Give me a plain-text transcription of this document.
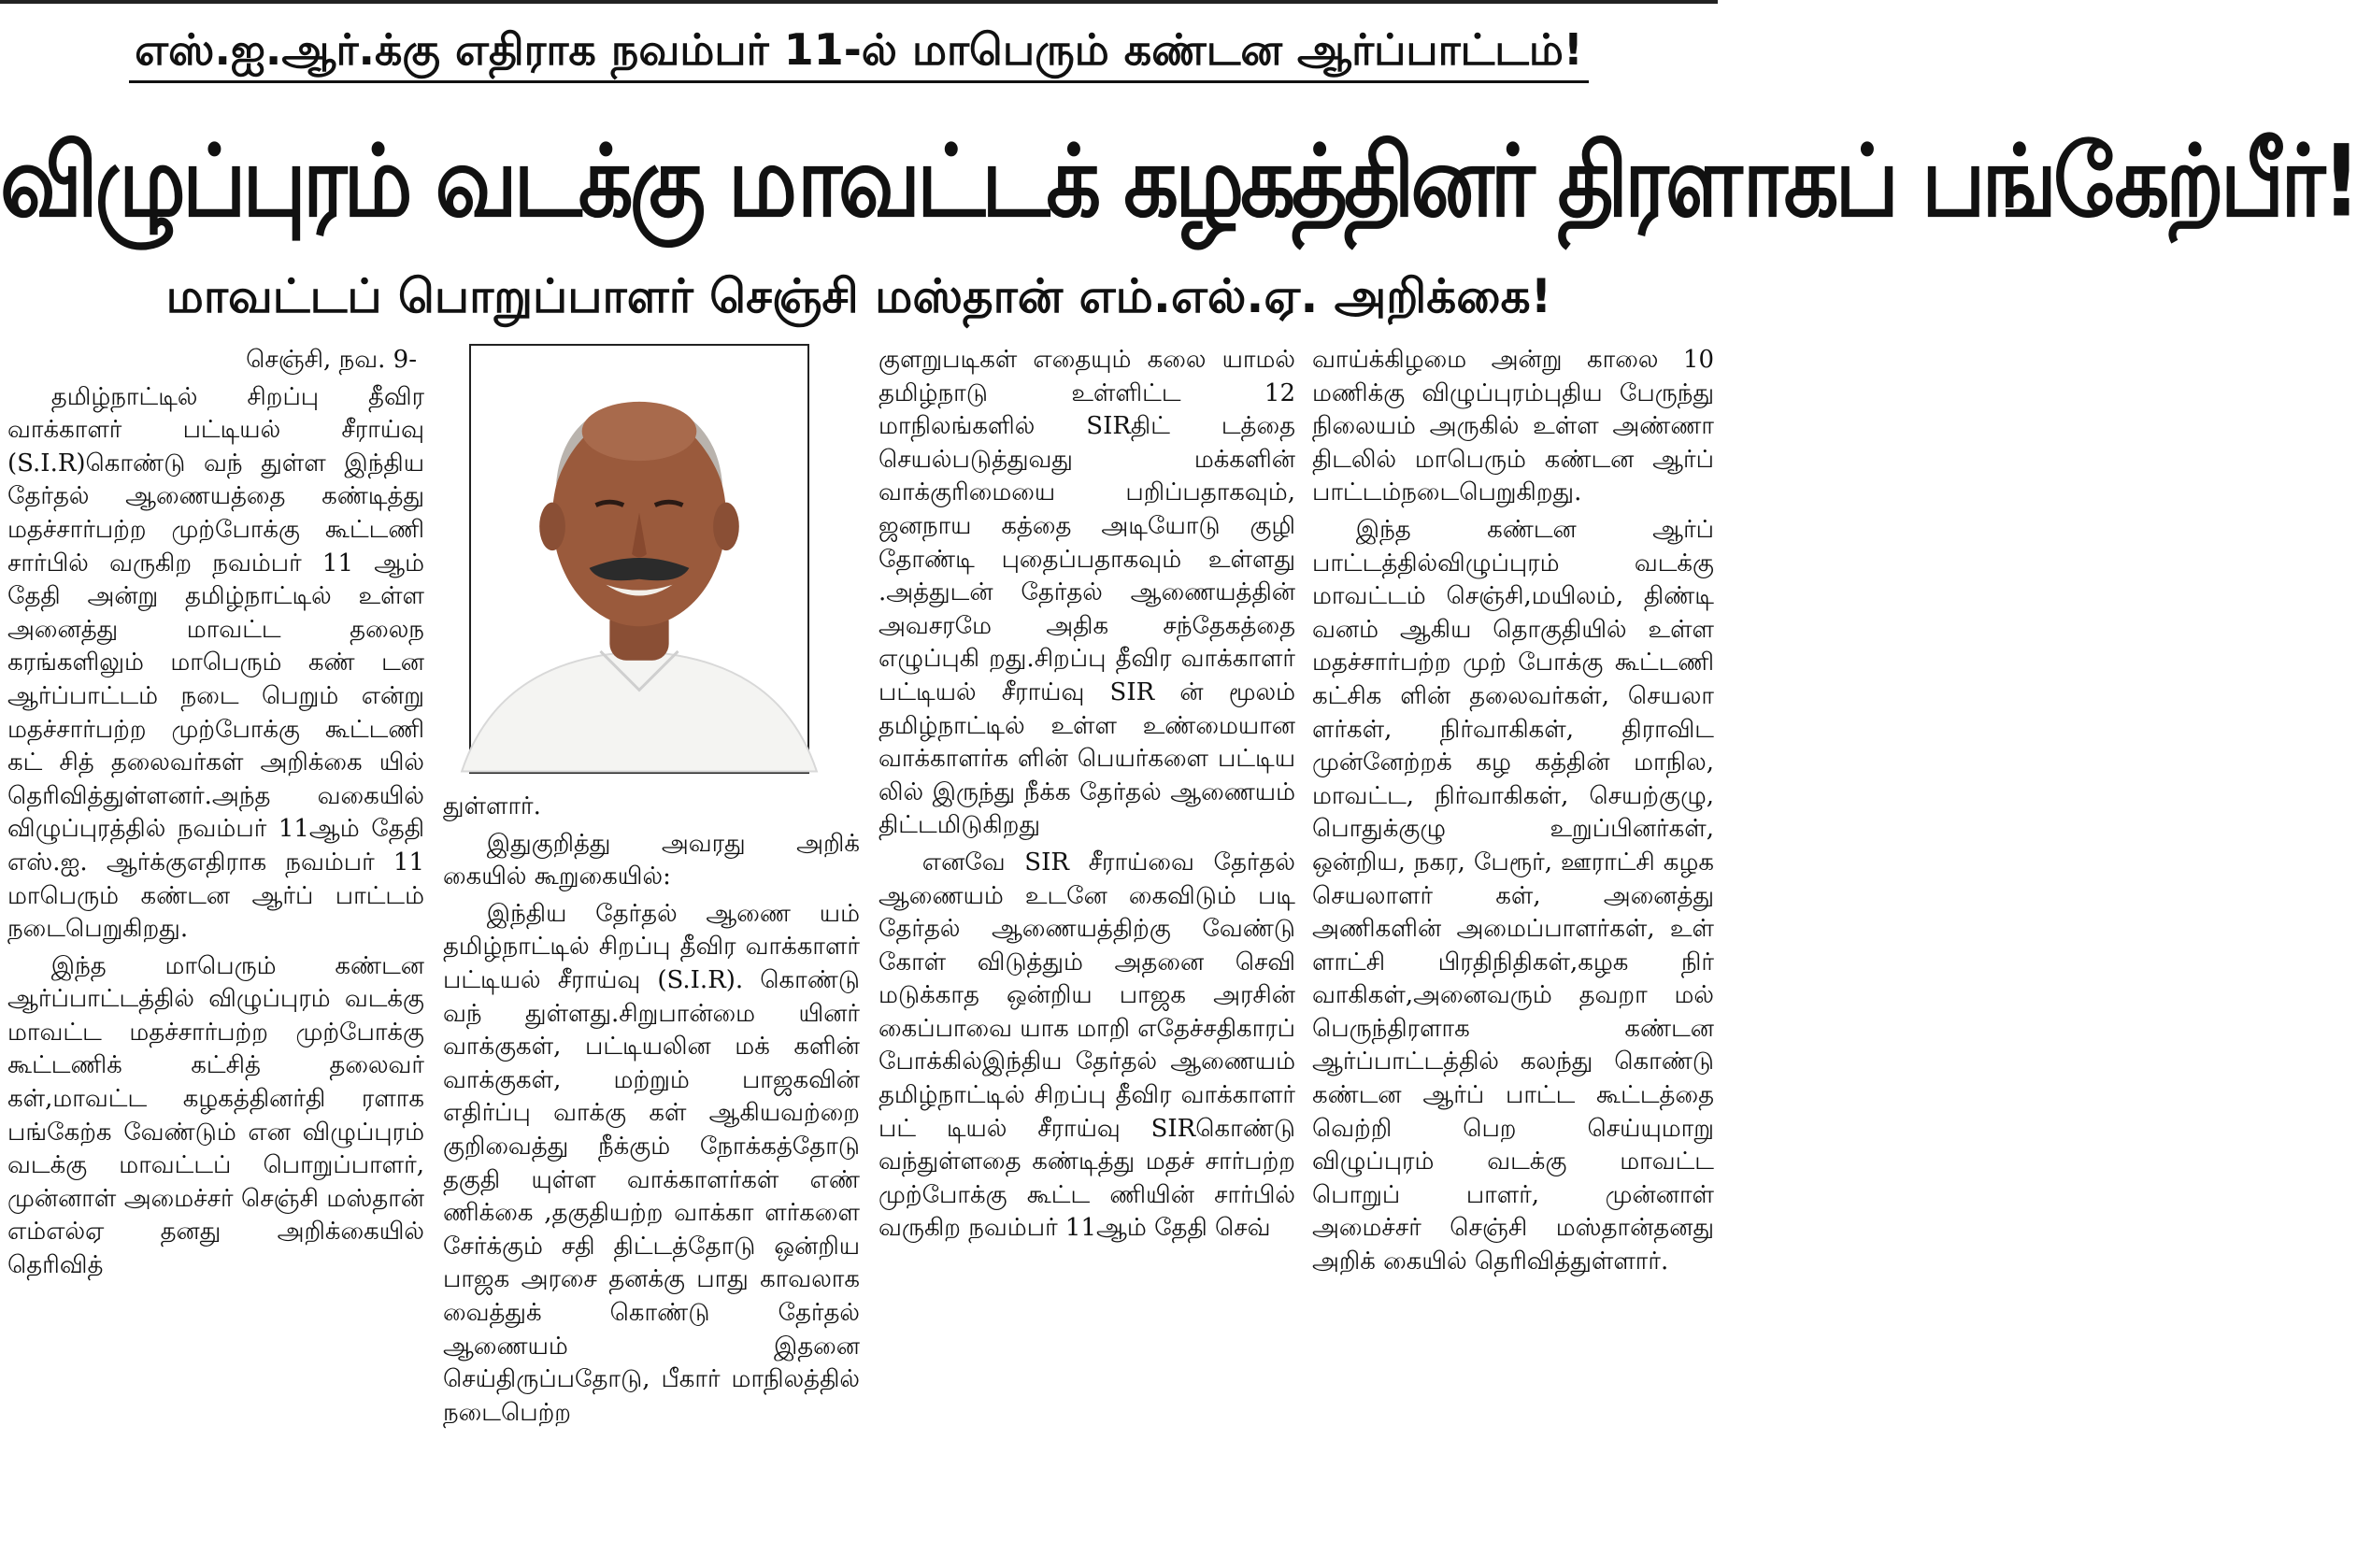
எஸ்.ஐ.ஆர்.க்கு எதிராக நவம்பர் 11-ல் மாபெரும் கண்டன ஆர்ப்பாட்டம்!
விழுப்புரம் வடக்கு மாவட்டக் கழகத்தினர் திரளாகப் பங்கேற்பீர்!
மாவட்டப் பொறுப்பாளர் செஞ்சி மஸ்தான் எம்.எல்.ஏ. அறிக்கை!

செஞ்சி, நவ. 9-

தமிழ்நாட்டில் சிறப்பு தீவிர வாக்காளர் பட்டியல் சீராய்வு (S.I.R)கொண்டு வந் துள்ள இந்திய தேர்தல் ஆணையத்தை கண்டித்து மதச்சார்பற்ற முற்போக்கு கூட்டணி சார்பில் வருகிற நவம்பர் 11 ஆம் தேதி அன்று தமிழ்நாட்டில் உள்ள அனைத்து மாவட்ட தலைந கரங்களிலும் மாபெரும் கண் டன ஆர்ப்பாட்டம் நடை பெறும் என்று மதச்சார்பற்ற முற்போக்கு கூட்டணி கட் சித் தலைவர்கள் அறிக்கை யில் தெரிவித்துள்ளனர்.அந்த வகையில் விழுப்புரத்தில் நவம்பர் 11ஆம் தேதி எஸ்.ஐ. ஆர்க்குஎதிராக நவம்பர் 11 மாபெரும் கண்டன ஆர்ப் பாட்டம் நடைபெறுகிறது.

இந்த மாபெரும் கண்டன ஆர்ப்பாட்டத்தில் விழுப்புரம் வடக்கு மாவட்ட மதச்சார்பற்ற முற்போக்கு கூட்டணிக் கட்சித் தலைவர் கள்,மாவட்ட கழகத்தினர்தி ரளாக பங்கேற்க வேண்டும் என விழுப்புரம் வடக்கு மாவட்டப் பொறுப்பாளர், முன்னாள் அமைச்சர் செஞ்சி மஸ்தான் எம்எல்ஏ தனது அறிக்கையில் தெரிவித்

துள்ளார்.

இதுகுறித்து அவரது அறிக் கையில் கூறுகையில்:

இந்திய தேர்தல் ஆணை யம் தமிழ்நாட்டில் சிறப்பு தீவிர வாக்காளர் பட்டியல் சீராய்வு (S.I.R). கொண்டு வந் துள்ளது.சிறுபான்மை யினர் வாக்குகள், பட்டியலின மக் களின் வாக்குகள், மற்றும் பாஜகவின் எதிர்ப்பு வாக்கு கள் ஆகியவற்றை குறிவைத்து நீக்கும் நோக்கத்தோடு தகுதி யுள்ள வாக்காளர்கள் எண் ணிக்கை ,தகுதியற்ற வாக்கா ளர்களை சேர்க்கும் சதி திட்டத்தோடு ஒன்றிய பாஜக அரசை தனக்கு பாது காவலாக வைத்துக் கொண்டு தேர்தல் ஆணையம் இதனை செய்திருப்பதோடு, பீகார் மாநிலத்தில் நடைபெற்ற

குளறுபடிகள் எதையும் கலை யாமல் தமிழ்நாடு உள்ளிட்ட 12 மாநிலங்களில் SIRதிட் டத்தை செயல்படுத்துவது மக்களின் வாக்குரிமையை பறிப்பதாகவும், ஜனநாய கத்தை அடியோடு குழி தோண்டி புதைப்பதாகவும் உள்ளது .அத்துடன் தேர்தல் ஆணையத்தின் அவசரமே அதிக சந்தேகத்தை எழுப்புகி றது.சிறப்பு தீவிர வாக்காளர் பட்டியல் சீராய்வு SIR ன் மூலம் தமிழ்நாட்டில் உள்ள உண்மையான வாக்காளர்க ளின் பெயர்களை பட்டிய லில் இருந்து நீக்க தேர்தல் ஆணையம் திட்டமிடுகிறது

எனவே SIR சீராய்வை தேர்தல் ஆணையம் உடனே கைவிடும் படி தேர்தல் ஆணையத்திற்கு வேண்டு கோள் விடுத்தும் அதனை செவி மடுக்காத ஒன்றிய பாஜக அரசின் கைப்பாவை யாக மாறி எதேச்சதிகாரப் போக்கில்இந்திய தேர்தல் ஆணையம் தமிழ்நாட்டில் சிறப்பு தீவிர வாக்காளர் பட் டியல் சீராய்வு SIRகொண்டு வந்துள்ளதை கண்டித்து மதச் சார்பற்ற முற்போக்கு கூட்ட ணியின் சார்பில் வருகிற நவம்பர் 11ஆம் தேதி செவ்

வாய்க்கிழமை அன்று காலை 10 மணிக்கு விழுப்புரம்புதிய பேருந்து நிலையம் அருகில் உள்ள அண்ணா திடலில் மாபெரும் கண்டன ஆர்ப் பாட்டம்நடைபெறுகிறது.

இந்த கண்டன ஆர்ப் பாட்டத்தில்விழுப்புரம் வடக்கு மாவட்டம் செஞ்சி,மயிலம், திண்டி வனம் ஆகிய தொகுதியில் உள்ள மதச்சார்பற்ற முற் போக்கு கூட்டணி கட்சிக ளின் தலைவர்கள், செயலா ளர்கள், நிர்வாகிகள், திராவிட முன்னேற்றக் கழ கத்தின் மாநில, மாவட்ட, நிர்வாகிகள், செயற்குழு, பொதுக்குழு உறுப்பினர்கள், ஒன்றிய, நகர, பேரூர், ஊராட்சி கழக செயலாளர் கள், அனைத்து அணிகளின் அமைப்பாளர்கள், உள் ளாட்சி பிரதிநிதிகள்,கழக நிர் வாகிகள்,அனைவரும் தவறா மல் பெருந்திரளாக கண்டன ஆர்ப்பாட்டத்தில் கலந்து கொண்டு கண்டன ஆர்ப் பாட்ட கூட்டத்தை வெற்றி பெற செய்யுமாறு விழுப்புரம் வடக்கு மாவட்ட பொறுப் பாளர், முன்னாள் அமைச்சர் செஞ்சி மஸ்தான்தனது அறிக் கையில் தெரிவித்துள்ளார்.
